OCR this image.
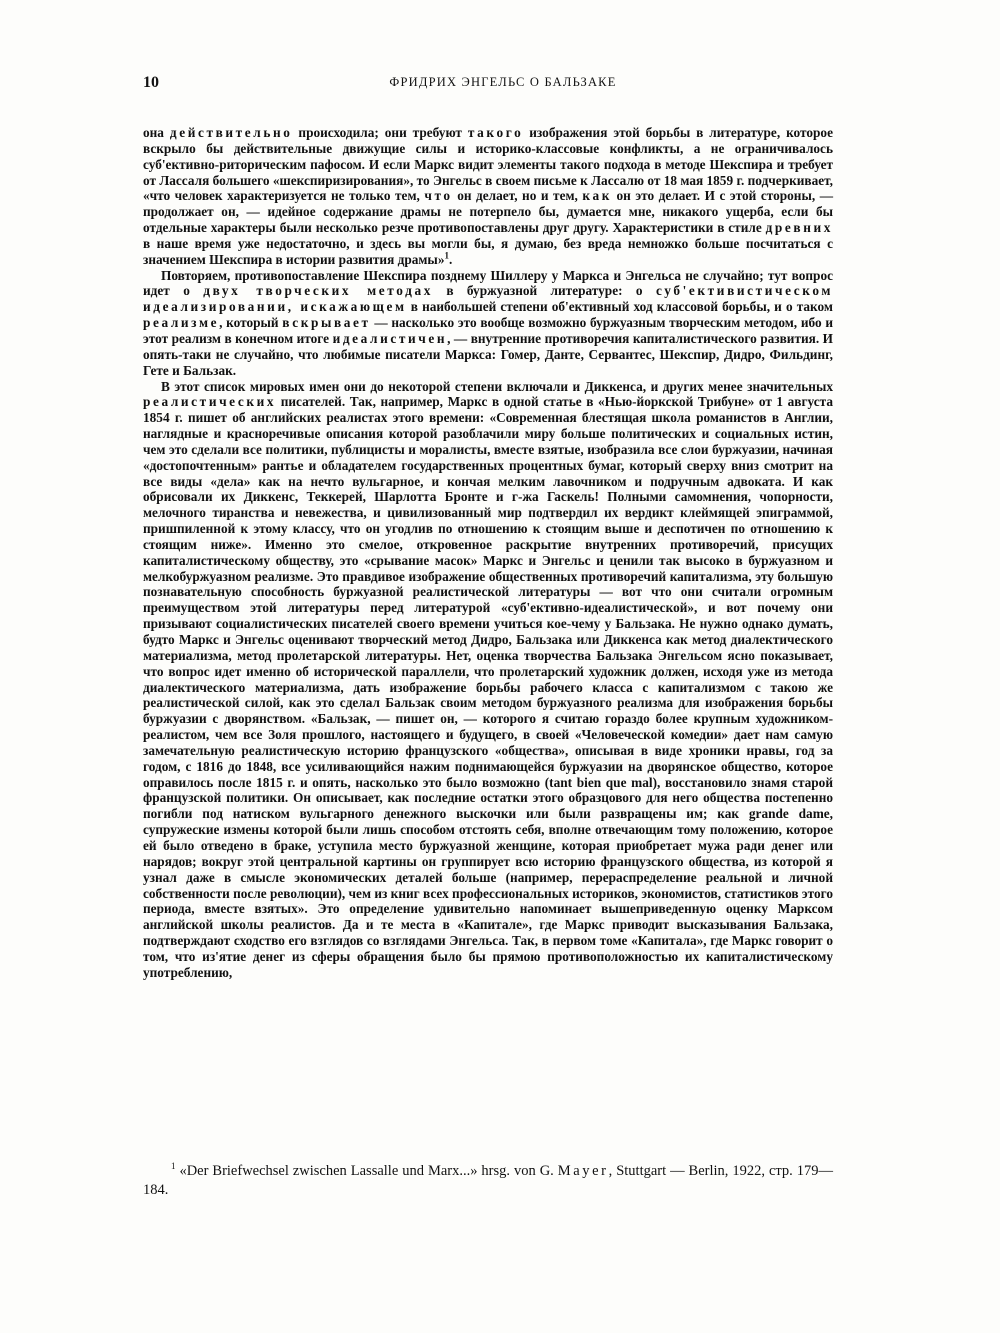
10	ФРИДРИХ ЭНГЕЛЬС О БАЛЬЗАКЕ

она действительно происходила; они требуют такого изображения этой борьбы в литературе, которое вскрыло бы действительные движущие силы и историко-классовые конфликты, а не ограничивалось суб'ективно-риторическим пафосом. И если Маркс видит элементы такого подхода в методе Шекспира и требует от Лассаля большего «шекспиризирования», то Энгельс в своем письме к Лассалю от 18 мая 1859 г. подчеркивает, «что человек характеризуется не только тем, что он делает, но и тем, как он это делает. И с этой стороны, — продолжает он, — идейное содержание драмы не потерпело бы, думается мне, никакого ущерба, если бы отдельные характеры были несколько резче противопоставлены друг другу. Характеристики в стиле древних в наше время уже недостаточно, и здесь вы могли бы, я думаю, без вреда немножко больше посчитаться с значением Шекспира в истории развития драмы»$^1$.

Повторяем, противопоставление Шекспира позднему Шиллеру у Маркса и Энгельса не случайно; тут вопрос идет о двух творческих методах в буржуазной литературе: о суб'ективистическом идеализировании, искажающем в наибольшей степени об'ективный ход классовой борьбы, и о таком реализме, который вскрывает — насколько это вообще возможно буржуазным творческим методом, ибо и этот реализм в конечном итоге идеалистичен, — внутренние противоречия капиталистического развития. И опять-таки не случайно, что любимые писатели Маркса: Гомер, Данте, Сервантес, Шекспир, Дидро, Фильдинг, Гете и Бальзак.

В этот список мировых имен они до некоторой степени включали и Диккенса, и других менее значительных реалистических писателей. Так, например, Маркс в одной статье в «Нью-йоркской Трибуне» от 1 августа 1854 г. пишет об английских реалистах этого времени: «Современная блестящая школа романистов в Англии, наглядные и красноречивые описания которой разоблачили миру больше политических и социальных истин, чем это сделали все политики, публицисты и моралисты, вместе взятые, изобразила все слои буржуазии, начиная «достопочтенным» рантье и обладателем государственных процентных бумаг, который сверху вниз смотрит на все виды «дела» как на нечто вульгарное, и кончая мелким лавочником и подручным адвоката. И как обрисовали их Диккенс, Теккерей, Шарлотта Бронте и г-жа Гаскель! Полными самомнения, чопорности, мелочного тиранства и невежества, и цивилизованный мир подтвердил их вердикт клеймящей эпиграммой, пришпиленной к этому классу, что он угодлив по отношению к стоящим выше и деспотичен по отношению к стоящим ниже». Именно это смелое, откровенное раскрытие внутренних противоречий, присущих капиталистическому обществу, это «срывание масок» Маркс и Энгельс и ценили так высоко в буржуазном и мелкобуржуазном реализме. Это правдивое изображение общественных противоречий капитализма, эту большую познавательную способность буржуазной реалистической литературы — вот что они считали огромным преимуществом этой литературы перед литературой «суб'ективно-идеалистической», и вот почему они призывают социалистических писателей своего времени учиться кое-чему у Бальзака. Не нужно однако думать, будто Маркс и Энгельс оценивают творческий метод Дидро, Бальзака или Диккенса как метод диалектического материализма, метод пролетарской литературы. Нет, оценка творчества Бальзака Энгельсом ясно показывает, что вопрос идет именно об исторической параллели, что пролетарский художник должен, исходя уже из метода диалектического материализма, дать изображение борьбы рабочего класса с капитализмом с такою же реалистической силой, как это сделал Бальзак своим методом буржуазного реализма для изображения борьбы буржуазии с дворянством. «Бальзак, — пишет он, — которого я считаю гораздо более крупным художником-реалистом, чем все Золя прошлого, настоящего и будущего, в своей «Человеческой комедии» дает нам самую замечательную реалистическую историю французского «общества», описывая в виде хроники нравы, год за годом, с 1816 до 1848, все усиливающийся нажим поднимающейся буржуазии на дворянское общество, которое оправилось после 1815 г. и опять, насколько это было возможно (tant bien que mal), восстановило знамя старой французской политики. Он описывает, как последние остатки этого образцового для него общества постепенно погибли под натиском вульгарного денежного выскочки или были развращены им; как grande dame, супружеские измены которой были лишь способом отстоять себя, вполне отвечающим тому положению, которое ей было отведено в браке, уступила место буржуазной женщине, которая приобретает мужа ради денег или нарядов; вокруг этой центральной картины он группирует всю историю французского общества, из которой я узнал даже в смысле экономических деталей больше (например, перераспределение реальной и личной собственности после революции), чем из книг всех профессиональных историков, экономистов, статистиков этого периода, вместе взятых». Это определение удивительно напоминает вышеприведенную оценку Марксом английской школы реалистов. Да и те места в «Капитале», где Маркс приводит высказывания Бальзака, подтверждают сходство его взглядов со взглядами Энгельса. Так, в первом томе «Капитала», где Маркс говорит о том, что из'ятие денег из сферы обращения было бы прямою противоположностью их капиталистическому употреблению,

$^1$ «Der Briefwechsel zwischen Lassalle und Marx...» hrsg. von G. Mayer, Stuttgart — Berlin, 1922, стр. 179—184.
